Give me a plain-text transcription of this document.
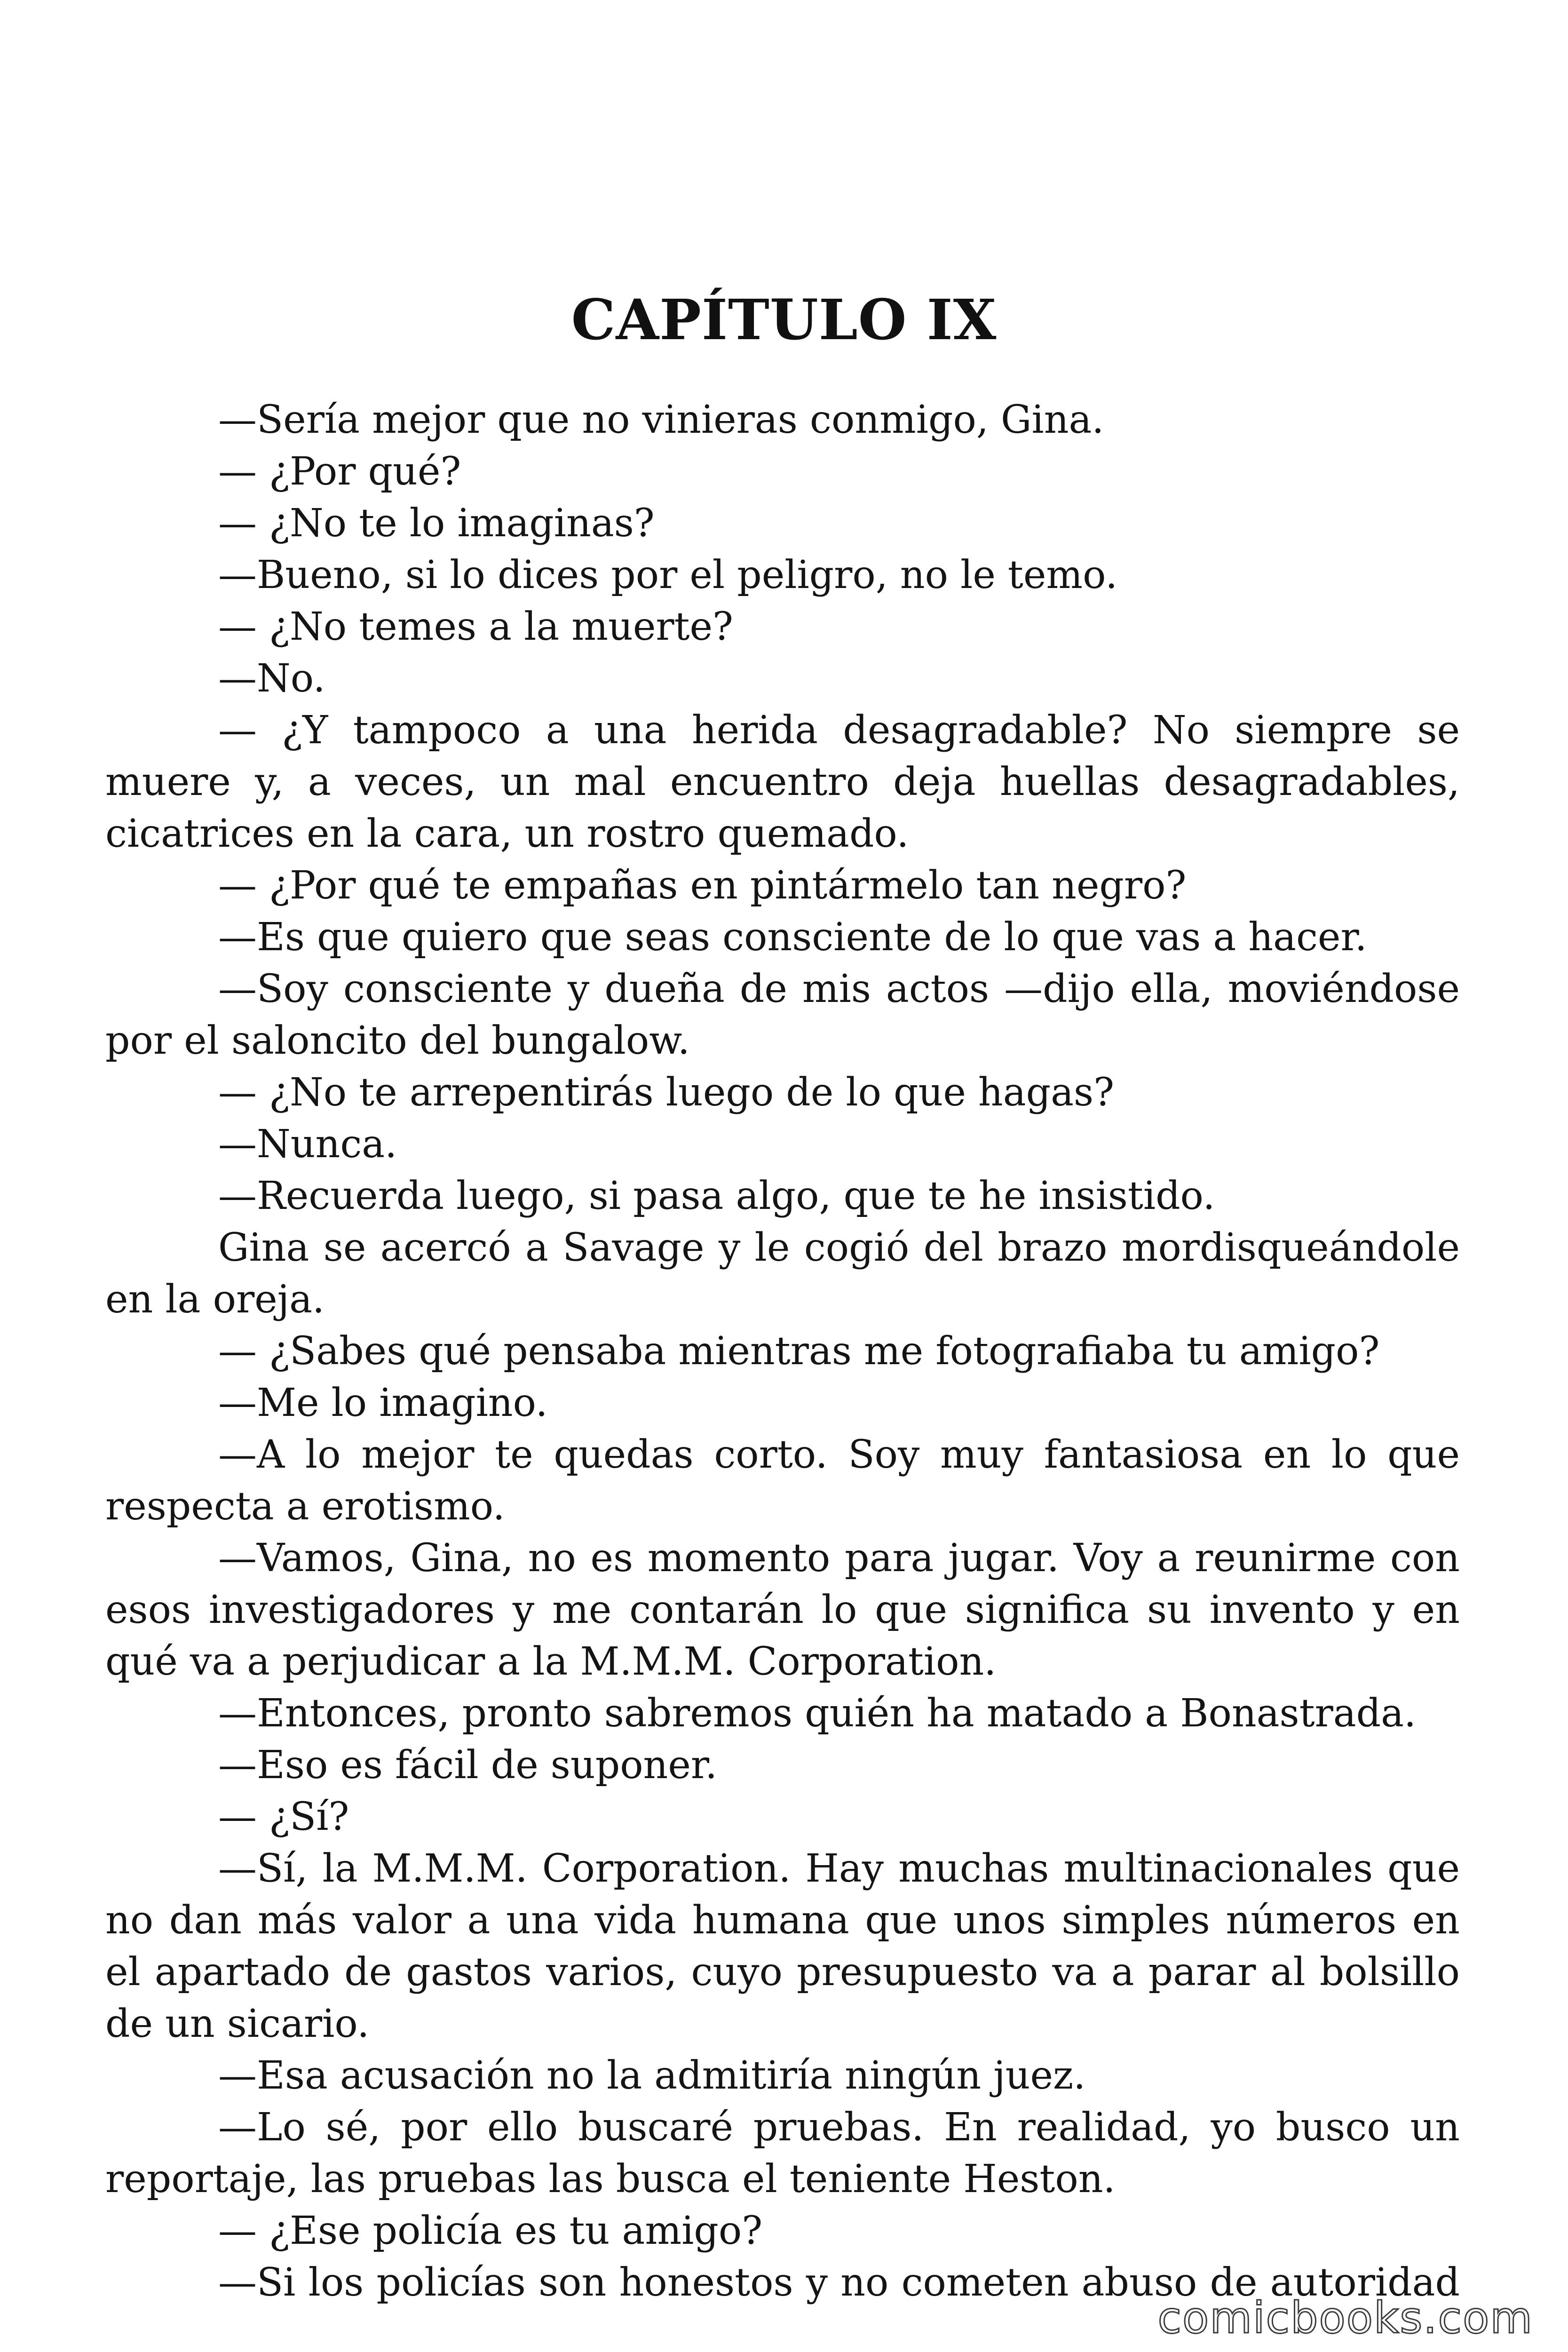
CAPÍTULO IX

—Sería mejor que no vinieras conmigo, Gina.

— ¿Por qué?

— ¿No te lo imaginas?

—Bueno, si lo dices por el peligro, no le temo.

— ¿No temes a la muerte?

—No.

— ¿Y tampoco a una herida desagradable? No siempre se muere y, a veces, un mal encuentro deja huellas desagradables, cicatrices en la cara, un rostro quemado.

— ¿Por qué te empañas en pintármelo tan negro?

—Es que quiero que seas consciente de lo que vas a hacer.

—Soy consciente y dueña de mis actos —dijo ella, moviéndose por el saloncito del bungalow.

— ¿No te arrepentirás luego de lo que hagas?

—Nunca.

—Recuerda luego, si pasa algo, que te he insistido.

Gina se acercó a Savage y le cogió del brazo mordisqueándole en la oreja.

— ¿Sabes qué pensaba mientras me fotografiaba tu amigo?

—Me lo imagino.

—A lo mejor te quedas corto. Soy muy fantasiosa en lo que respecta a erotismo.

—Vamos, Gina, no es momento para jugar. Voy a reunirme con esos investigadores y me contarán lo que significa su invento y en qué va a perjudicar a la M.M.M. Corporation.

—Entonces, pronto sabremos quién ha matado a Bonastrada.

—Eso es fácil de suponer.

— ¿Sí?

—Sí, la M.M.M. Corporation. Hay muchas multinacionales que no dan más valor a una vida humana que unos simples números en el apartado de gastos varios, cuyo presupuesto va a parar al bolsillo de un sicario.

—Esa acusación no la admitiría ningún juez.

—Lo sé, por ello buscaré pruebas. En realidad, yo busco un reportaje, las pruebas las busca el teniente Heston.

— ¿Ese policía es tu amigo?

—Si los policías son honestos y no cometen abuso de autoridad

comicbooks.com
